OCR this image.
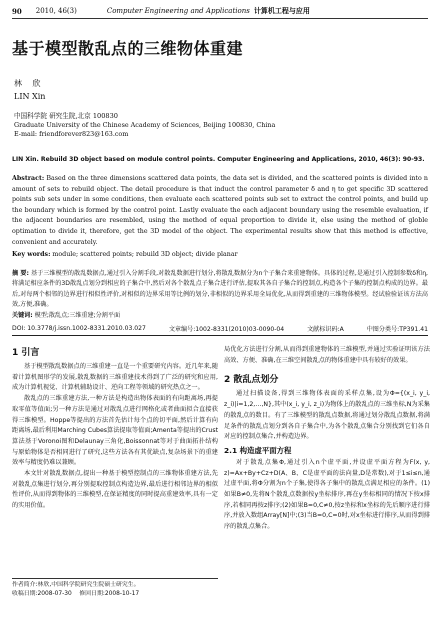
90 2010, 46(3)	Computer Engineering and Applications 计算机工程与应用
基于模型散乱点的三维物体重建
林 欣
LIN Xin
中国科学院 研究生院,北京 100830
Graduate University of the Chinese Academy of Sciences, Beijing 100830, China
E-mail: friendforever823@163.com
LIN Xin. Rebuild 3D object based on module control points. Computer Engineering and Applications, 2010, 46(3): 90-93.
Abstract: Based on the three dimensions scattered data points, the data set is divided, and the scattered points is divided into n amount of sets to rebuild object. The detail procedure is that induct the control parameter δ and η to get specific 3D scattered points sub sets under in some conditions, then evaluate each scattered points sub set to extract the control points, and build up the boundary which is formed by the control point. Lastly evaluate the each adjacent boundary using the resemble evaluation, if the adjacent boundaries are resembled, using the method of equal proportion to divide it, else using the method of globle optimation to divide it, therefore, get the 3D model of the object. The experimental results show that this method is effective, convenient and accurately.
Key words: module; scattered points; rebuild 3D object; divide planar
摘 要: 基于三维模型的散乱数据点,通过引入分割手段,对散乱数据进行划分,将散乱数据分为n个子集合来重建物体。具体的过程,是通过引入控制参数δ和η,将满足相应条件的3D散乱点划分到相应的子集合中,然后对各个散乱点子集合进行评估,提取其各自子集合的控制点,构造各个子集的控制点构成的边界。最后,对每两个相邻的边界进行相似性评价,对相似的边界采用等比例的划分,非相似的边界采用全局优化,从而得到重建的三维物体模型。经试验验证该方法高效,方便,准确。
关键词: 模型;散乱点;三维重建;分割平面
DOI: 10.3778/j.issn.1002-8331.2010.03.027	文章编号:1002-8331(2010)03-0090-04	文献标识码:A	中图分类号:TP391.41
1 引言

基于模型散乱数据点的三维重建一直是一个重要研究内容。近几年来,随着计算机图形学的发展,散乱数据的三维重建技术得到了广泛的研究和应用,成为计算机视觉、计算机辅助设计、逆向工程等领域的研究热点之一。

散乱点的三维重建方法,一种方法是构造出物体表面的有向距离场,再提取零值等值面;另一种方法是通过对散乱点进行网格化或者曲面拟合直接获得三维模型。Hoppe等提出的方法首先估计每个点的切平面,然后计算有向距离场,最后利用Marching Cubes算法提取等值面;Amenta等提出的Crust算法基于Voronoi图和Delaunay三角化,Boissonnat等对于曲面拓扑结构与原始物体是否相同进行了研究,这些方法各有其优缺点,复杂场景下的重建效率与精度仍难以兼顾。

本文针对散乱数据点,提出一种基于模型控制点的三维物体重建方法,先对散乱点集进行划分,再分别提取控制点构造边界,最后进行相邻边界的相似性评价,从而得到物体的三维模型,在保证精度的同时提高重建效率,具有一定的实用价值。

局优化方法进行分割,从而得到重建物体的三维模型,并通过实验证明该方法高效、方便、准确,在三维空间散乱点的物体重建中具有较好的效果。

2 散乱点划分

通过扫描设备,得到三维物体表面的采样点集,设为Φ={(x_i, y_i, z_i)|i=1,2,…,N},其中(x_i, y_i, z_i)为物体上的散乱点的三维坐标,N为采集的散乱点的数目。有了三维模型的散乱点数据,将通过划分散乱点数据,将满足条件的散乱点划分到各自子集合中,为各个散乱点集合分别找到它们各自对应的控制点集合,并构造边界。

2.1 构造虚平面方程

对于散乱点集Φ,通过引入n个虚平面,并设虚平面方程为F(x, y, z)=Ax+By+Cz+D(A、B、C是虚平面的法向量,D是常数),对于1≤i≤n,通过虚平面,将Φ分割为n个子集,使得各子集中的散乱点满足相应的条件。(1)如果B≠0,先将N个散乱点数据按y坐标排序,再在y坐标相同的情况下按x排序,若相同再按z排序;(2)如果B=0,C≠0,按z坐标和x坐标的先后顺序进行排序,并放入数组Array[N]中;(3)当B=0,C=0时,对x坐标进行排序,从而得到排序的散乱点集合。

作者简介:林欣,中国科学院研究生院硕士研究生。
收稿日期:2008-07-30 修回日期:2008-10-17
